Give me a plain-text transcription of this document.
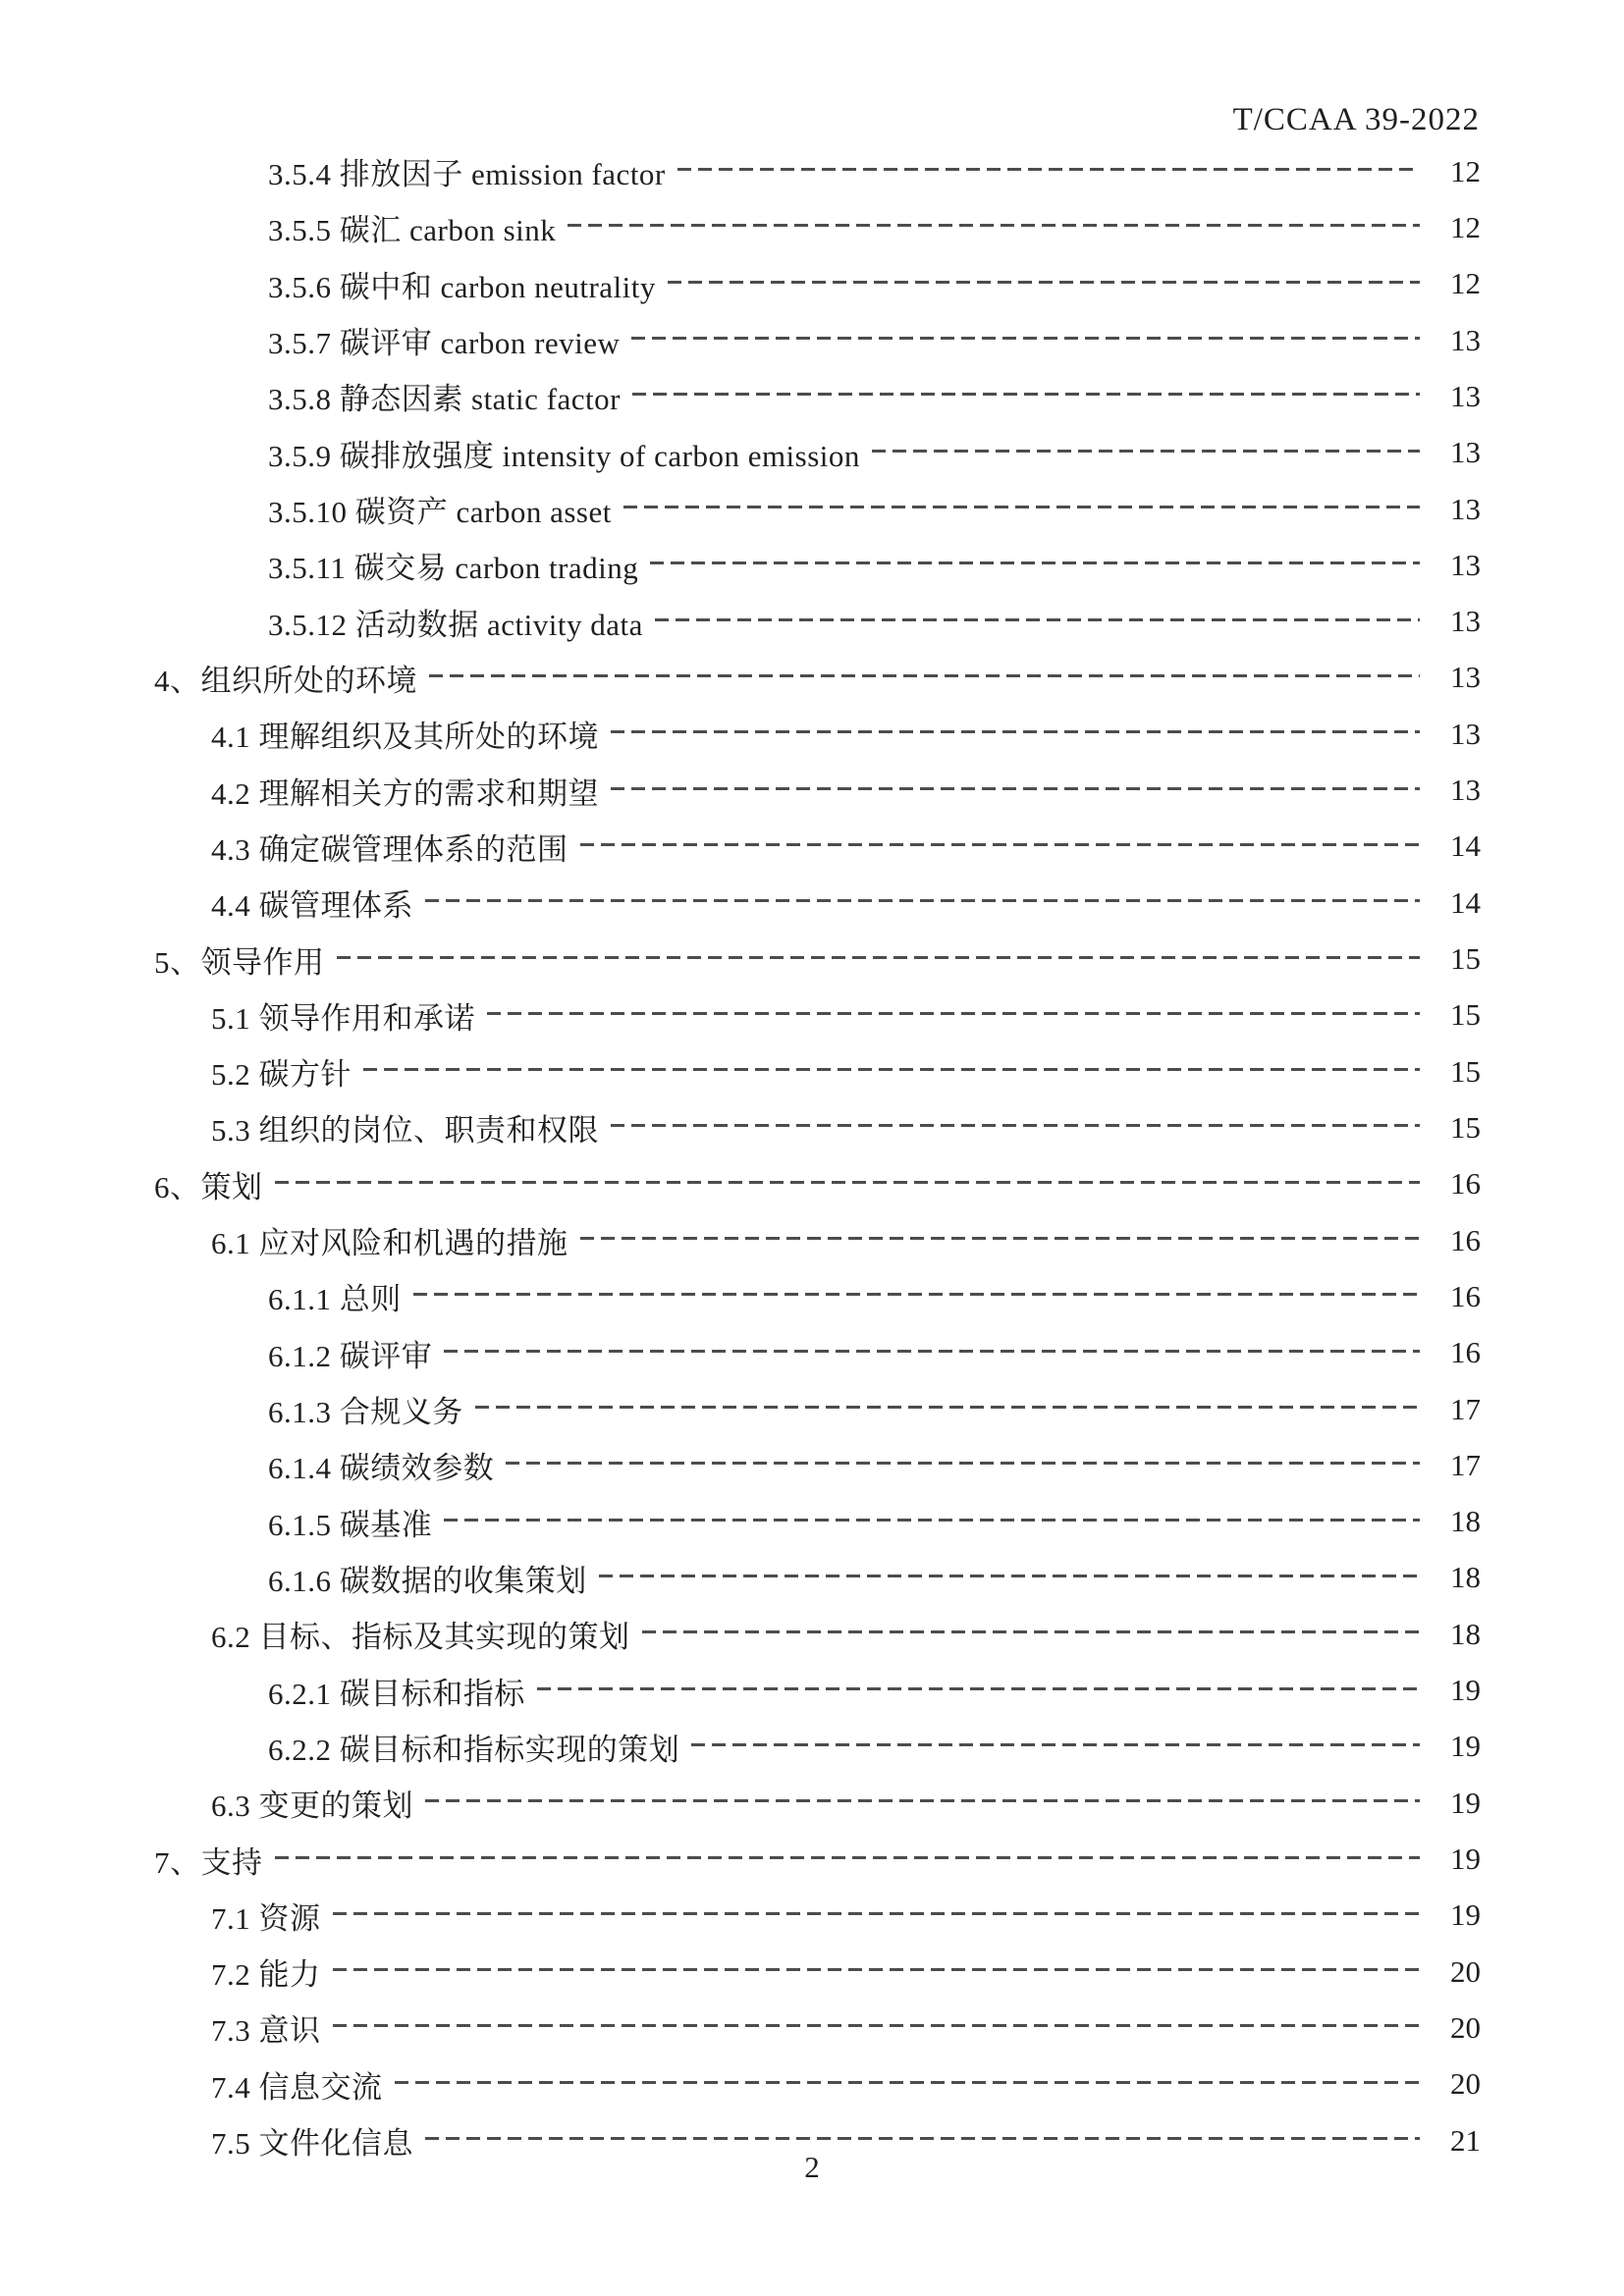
T/CCAA 39-2022
3.5.4 排放因子 emission factor	12
3.5.5 碳汇 carbon sink	12
3.5.6 碳中和 carbon neutrality	12
3.5.7 碳评审 carbon review	13
3.5.8 静态因素 static factor	13
3.5.9 碳排放强度 intensity of carbon emission	13
3.5.10 碳资产 carbon asset	13
3.5.11 碳交易 carbon trading	13
3.5.12 活动数据 activity data	13
4、组织所处的环境	13
4.1 理解组织及其所处的环境	13
4.2 理解相关方的需求和期望	13
4.3 确定碳管理体系的范围	14
4.4 碳管理体系	14
5、领导作用	15
5.1 领导作用和承诺	15
5.2 碳方针	15
5.3 组织的岗位、职责和权限	15
6、策划	16
6.1 应对风险和机遇的措施	16
6.1.1 总则	16
6.1.2 碳评审	16
6.1.3 合规义务	17
6.1.4 碳绩效参数	17
6.1.5 碳基准	18
6.1.6 碳数据的收集策划	18
6.2 目标、指标及其实现的策划	18
6.2.1 碳目标和指标	19
6.2.2 碳目标和指标实现的策划	19
6.3 变更的策划	19
7、支持	19
7.1 资源	19
7.2 能力	20
7.3 意识	20
7.4 信息交流	20
7.5 文件化信息	21
2
